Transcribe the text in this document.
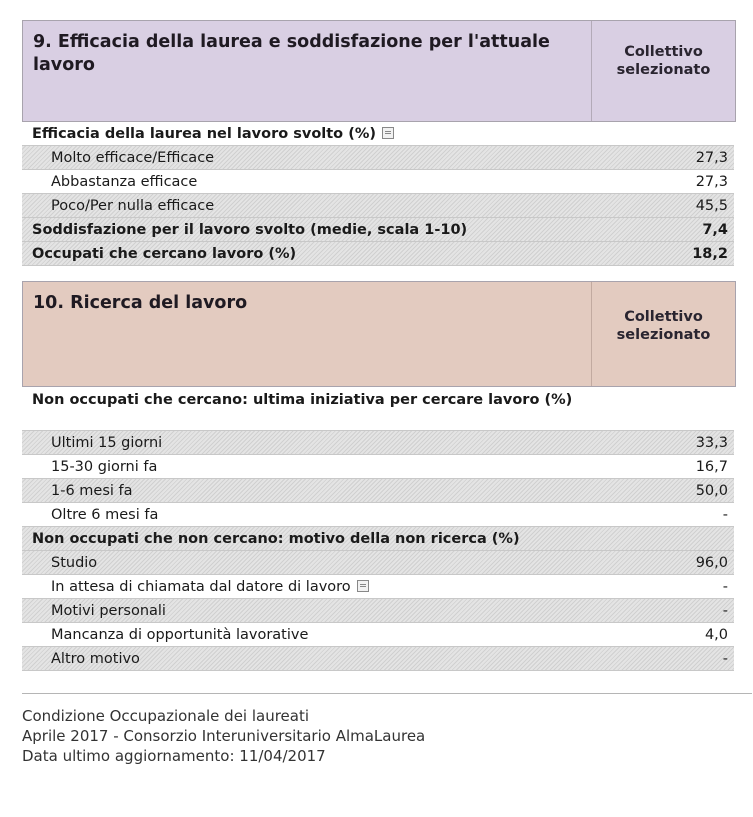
9. Efficacia della laurea e soddisfazione per l'attuale lavoro
Collettivo selezionato
Efficacia della laurea nel lavoro svolto (%)
Molto efficace/Efficace	27,3
Abbastanza efficace	27,3
Poco/Per nulla efficace	45,5
Soddisfazione per il lavoro svolto (medie, scala 1-10)	7,4
Occupati che cercano lavoro (%)	18,2
10. Ricerca del lavoro
Collettivo selezionato
Non occupati che cercano: ultima iniziativa per cercare lavoro (%)
Ultimi 15 giorni	33,3
15-30 giorni fa	16,7
1-6 mesi fa	50,0
Oltre 6 mesi fa	-
Non occupati che non cercano: motivo della non ricerca (%)
Studio	96,0
In attesa di chiamata dal datore di lavoro	-
Motivi personali	-
Mancanza di opportunità lavorative	4,0
Altro motivo	-
Condizione Occupazionale dei laureati
Aprile 2017 - Consorzio Interuniversitario AlmaLaurea
Data ultimo aggiornamento: 11/04/2017
